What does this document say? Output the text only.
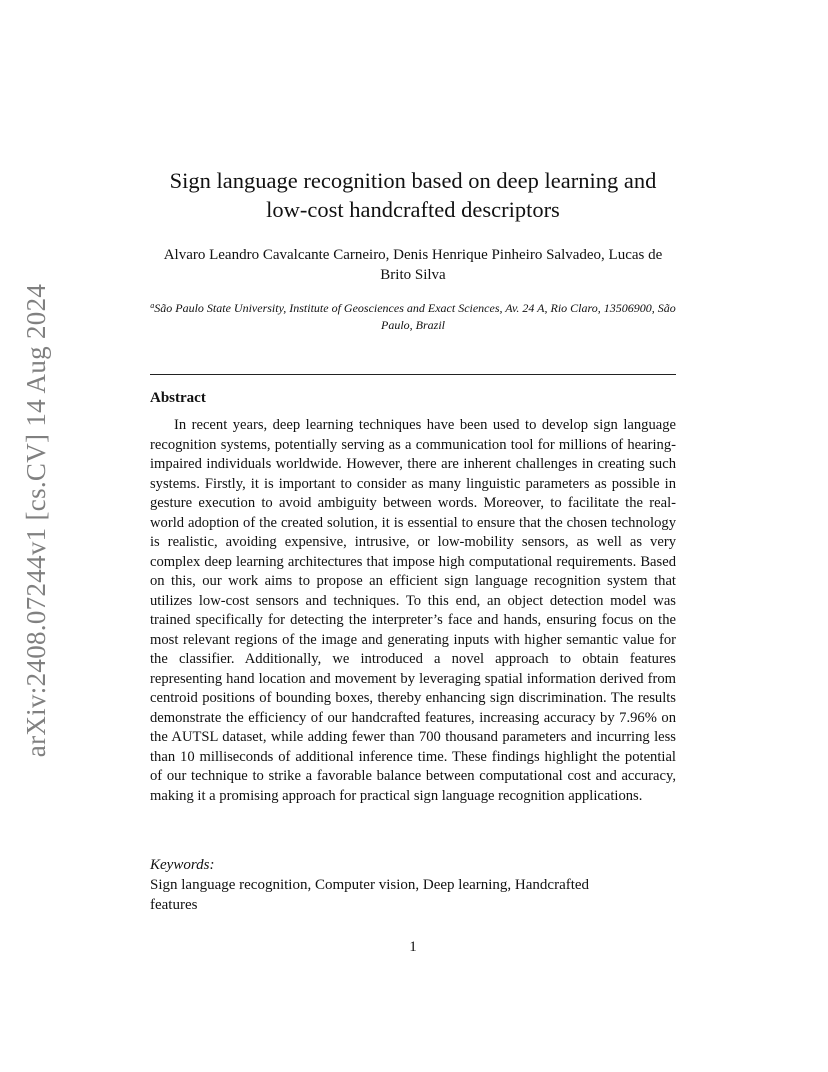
arXiv:2408.07244v1 [cs.CV] 14 Aug 2024
Sign language recognition based on deep learning and low-cost handcrafted descriptors
Alvaro Leandro Cavalcante Carneiro, Denis Henrique Pinheiro Salvadeo, Lucas de Brito Silva
$^a$São Paulo State University, Institute of Geosciences and Exact Sciences, Av. 24 A, Rio Claro, 13506900, São Paulo, Brazil
Abstract

In recent years, deep learning techniques have been used to develop sign language recognition systems, potentially serving as a communication tool for millions of hearing-impaired individuals worldwide. However, there are inherent challenges in creating such systems. Firstly, it is important to consider as many linguistic parameters as possible in gesture execution to avoid ambiguity between words. Moreover, to facilitate the real-world adoption of the created solution, it is essential to ensure that the chosen technology is realistic, avoiding expensive, intrusive, or low-mobility sensors, as well as very complex deep learning architectures that impose high computational requirements. Based on this, our work aims to propose an efficient sign language recognition system that utilizes low-cost sensors and techniques. To this end, an object detection model was trained specifically for detecting the interpreter’s face and hands, ensuring focus on the most relevant regions of the image and generating inputs with higher semantic value for the classifier. Additionally, we introduced a novel approach to obtain features representing hand location and movement by leveraging spatial information derived from centroid positions of bounding boxes, thereby enhancing sign discrimination. The results demonstrate the efficiency of our handcrafted features, increasing accuracy by 7.96% on the AUTSL dataset, while adding fewer than 700 thousand parameters and incurring less than 10 milliseconds of additional inference time. These findings highlight the potential of our technique to strike a favorable balance between computational cost and accuracy, making it a promising approach for practical sign language recognition applications.

Keywords:
Sign language recognition, Computer vision, Deep learning, Handcrafted features
1
